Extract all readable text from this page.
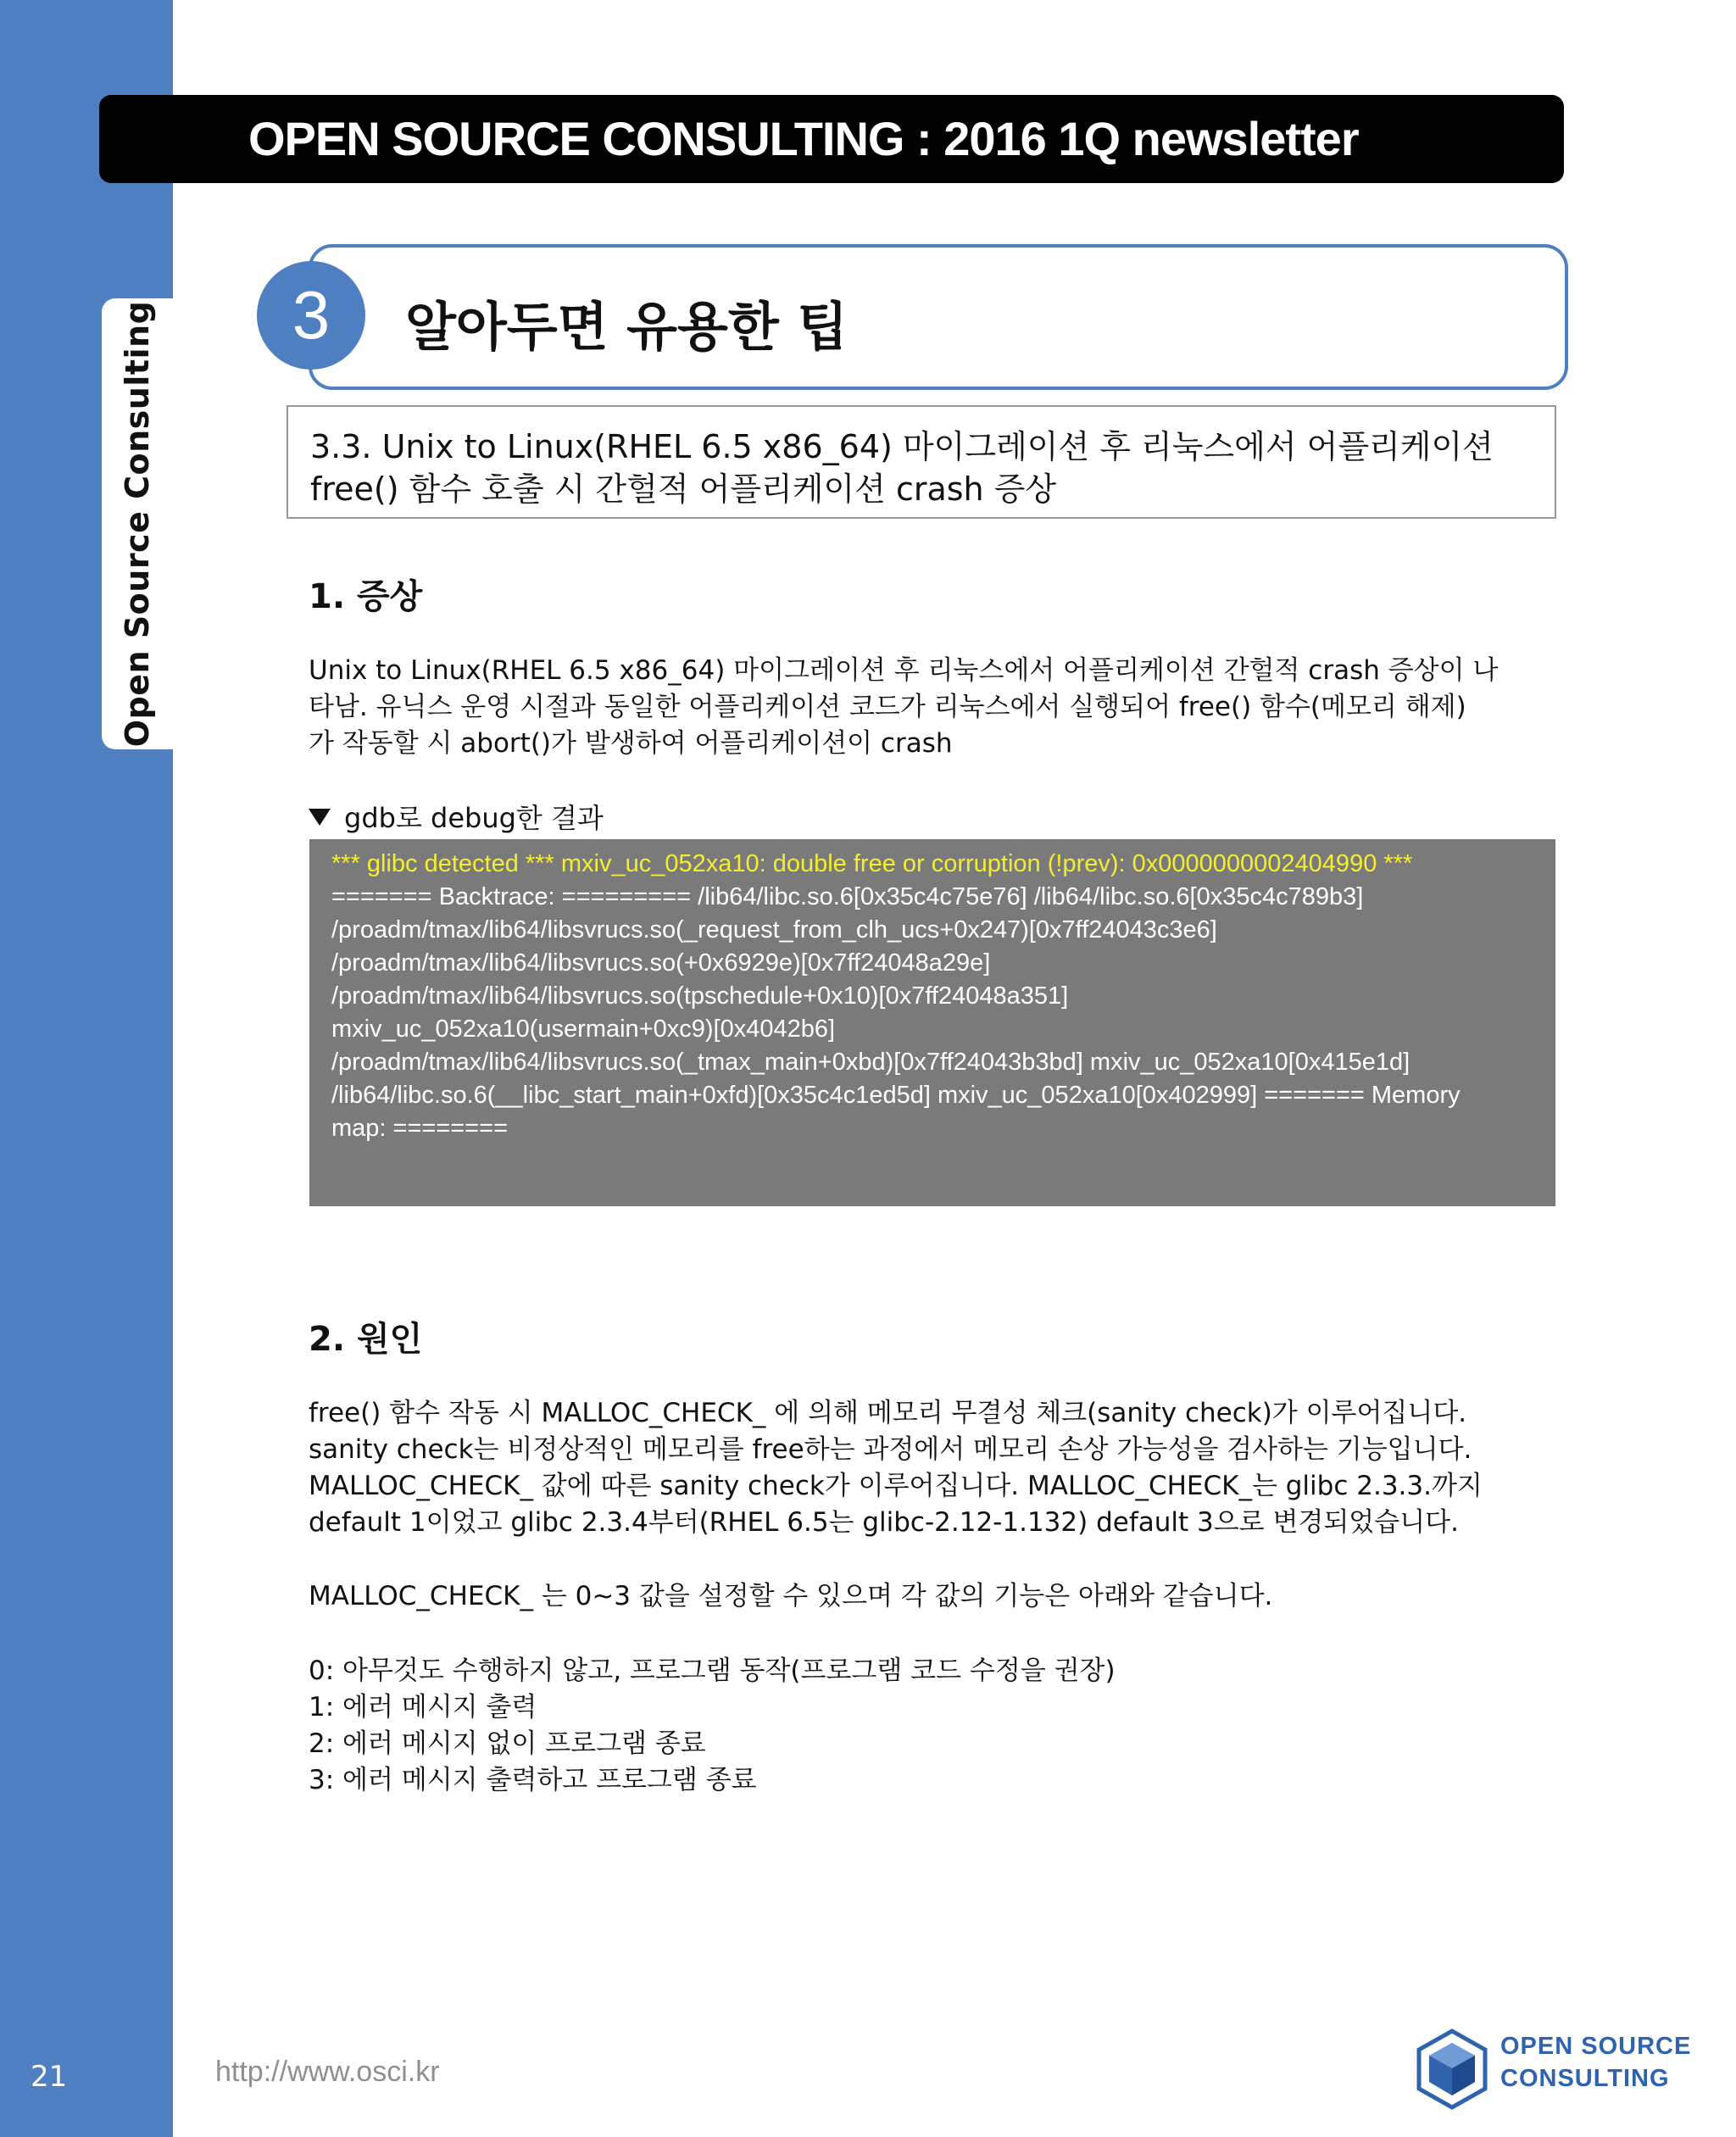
Open Source Consulting
21
OPEN SOURCE CONSULTING : 2016 1Q newsletter
3	알아두면 유용한 팁
3.3. Unix to Linux(RHEL 6.5 x86_64) 마이그레이션 후 리눅스에서 어플리케이션
free() 함수 호출 시 간헐적 어플리케이션 crash 증상
1. 증상
Unix to Linux(RHEL 6.5 x86_64) 마이그레이션 후 리눅스에서 어플리케이션 간헐적 crash 증상이 나
타남. 유닉스 운영 시절과 동일한 어플리케이션 코드가 리눅스에서 실행되어 free() 함수(메모리 해제)
가 작동할 시 abort()가 발생하여 어플리케이션이 crash
gdb로 debug한 결과
*** glibc detected *** mxiv_uc_052xa10: double free or corruption (!prev): 0x0000000002404990 ***
======= Backtrace: ========= /lib64/libc.so.6[0x35c4c75e76] /lib64/libc.so.6[0x35c4c789b3]
/proadm/tmax/lib64/libsvrucs.so(_request_from_clh_ucs+0x247)[0x7ff24043c3e6]
/proadm/tmax/lib64/libsvrucs.so(+0x6929e)[0x7ff24048a29e]
/proadm/tmax/lib64/libsvrucs.so(tpschedule+0x10)[0x7ff24048a351]
mxiv_uc_052xa10(usermain+0xc9)[0x4042b6]
/proadm/tmax/lib64/libsvrucs.so(_tmax_main+0xbd)[0x7ff24043b3bd] mxiv_uc_052xa10[0x415e1d]
/lib64/libc.so.6(__libc_start_main+0xfd)[0x35c4c1ed5d] mxiv_uc_052xa10[0x402999] ======= Memory
map: ========
2. 원인
free() 함수 작동 시 MALLOC_CHECK_ 에 의해 메모리 무결성 체크(sanity check)가 이루어집니다.
sanity check는 비정상적인 메모리를 free하는 과정에서 메모리 손상 가능성을 검사하는 기능입니다.
MALLOC_CHECK_ 값에 따른 sanity check가 이루어집니다. MALLOC_CHECK_는 glibc 2.3.3.까지
default 1이었고 glibc 2.3.4부터(RHEL 6.5는 glibc-2.12-1.132) default 3으로 변경되었습니다.
MALLOC_CHECK_ 는 0~3 값을 설정할 수 있으며 각 값의 기능은 아래와 같습니다.
0: 아무것도 수행하지 않고, 프로그램 동작(프로그램 코드 수정을 권장)
1: 에러 메시지 출력
2: 에러 메시지 없이 프로그램 종료
3: 에러 메시지 출력하고 프로그램 종료
http://www.osci.kr
OPEN SOURCE
CONSULTING
